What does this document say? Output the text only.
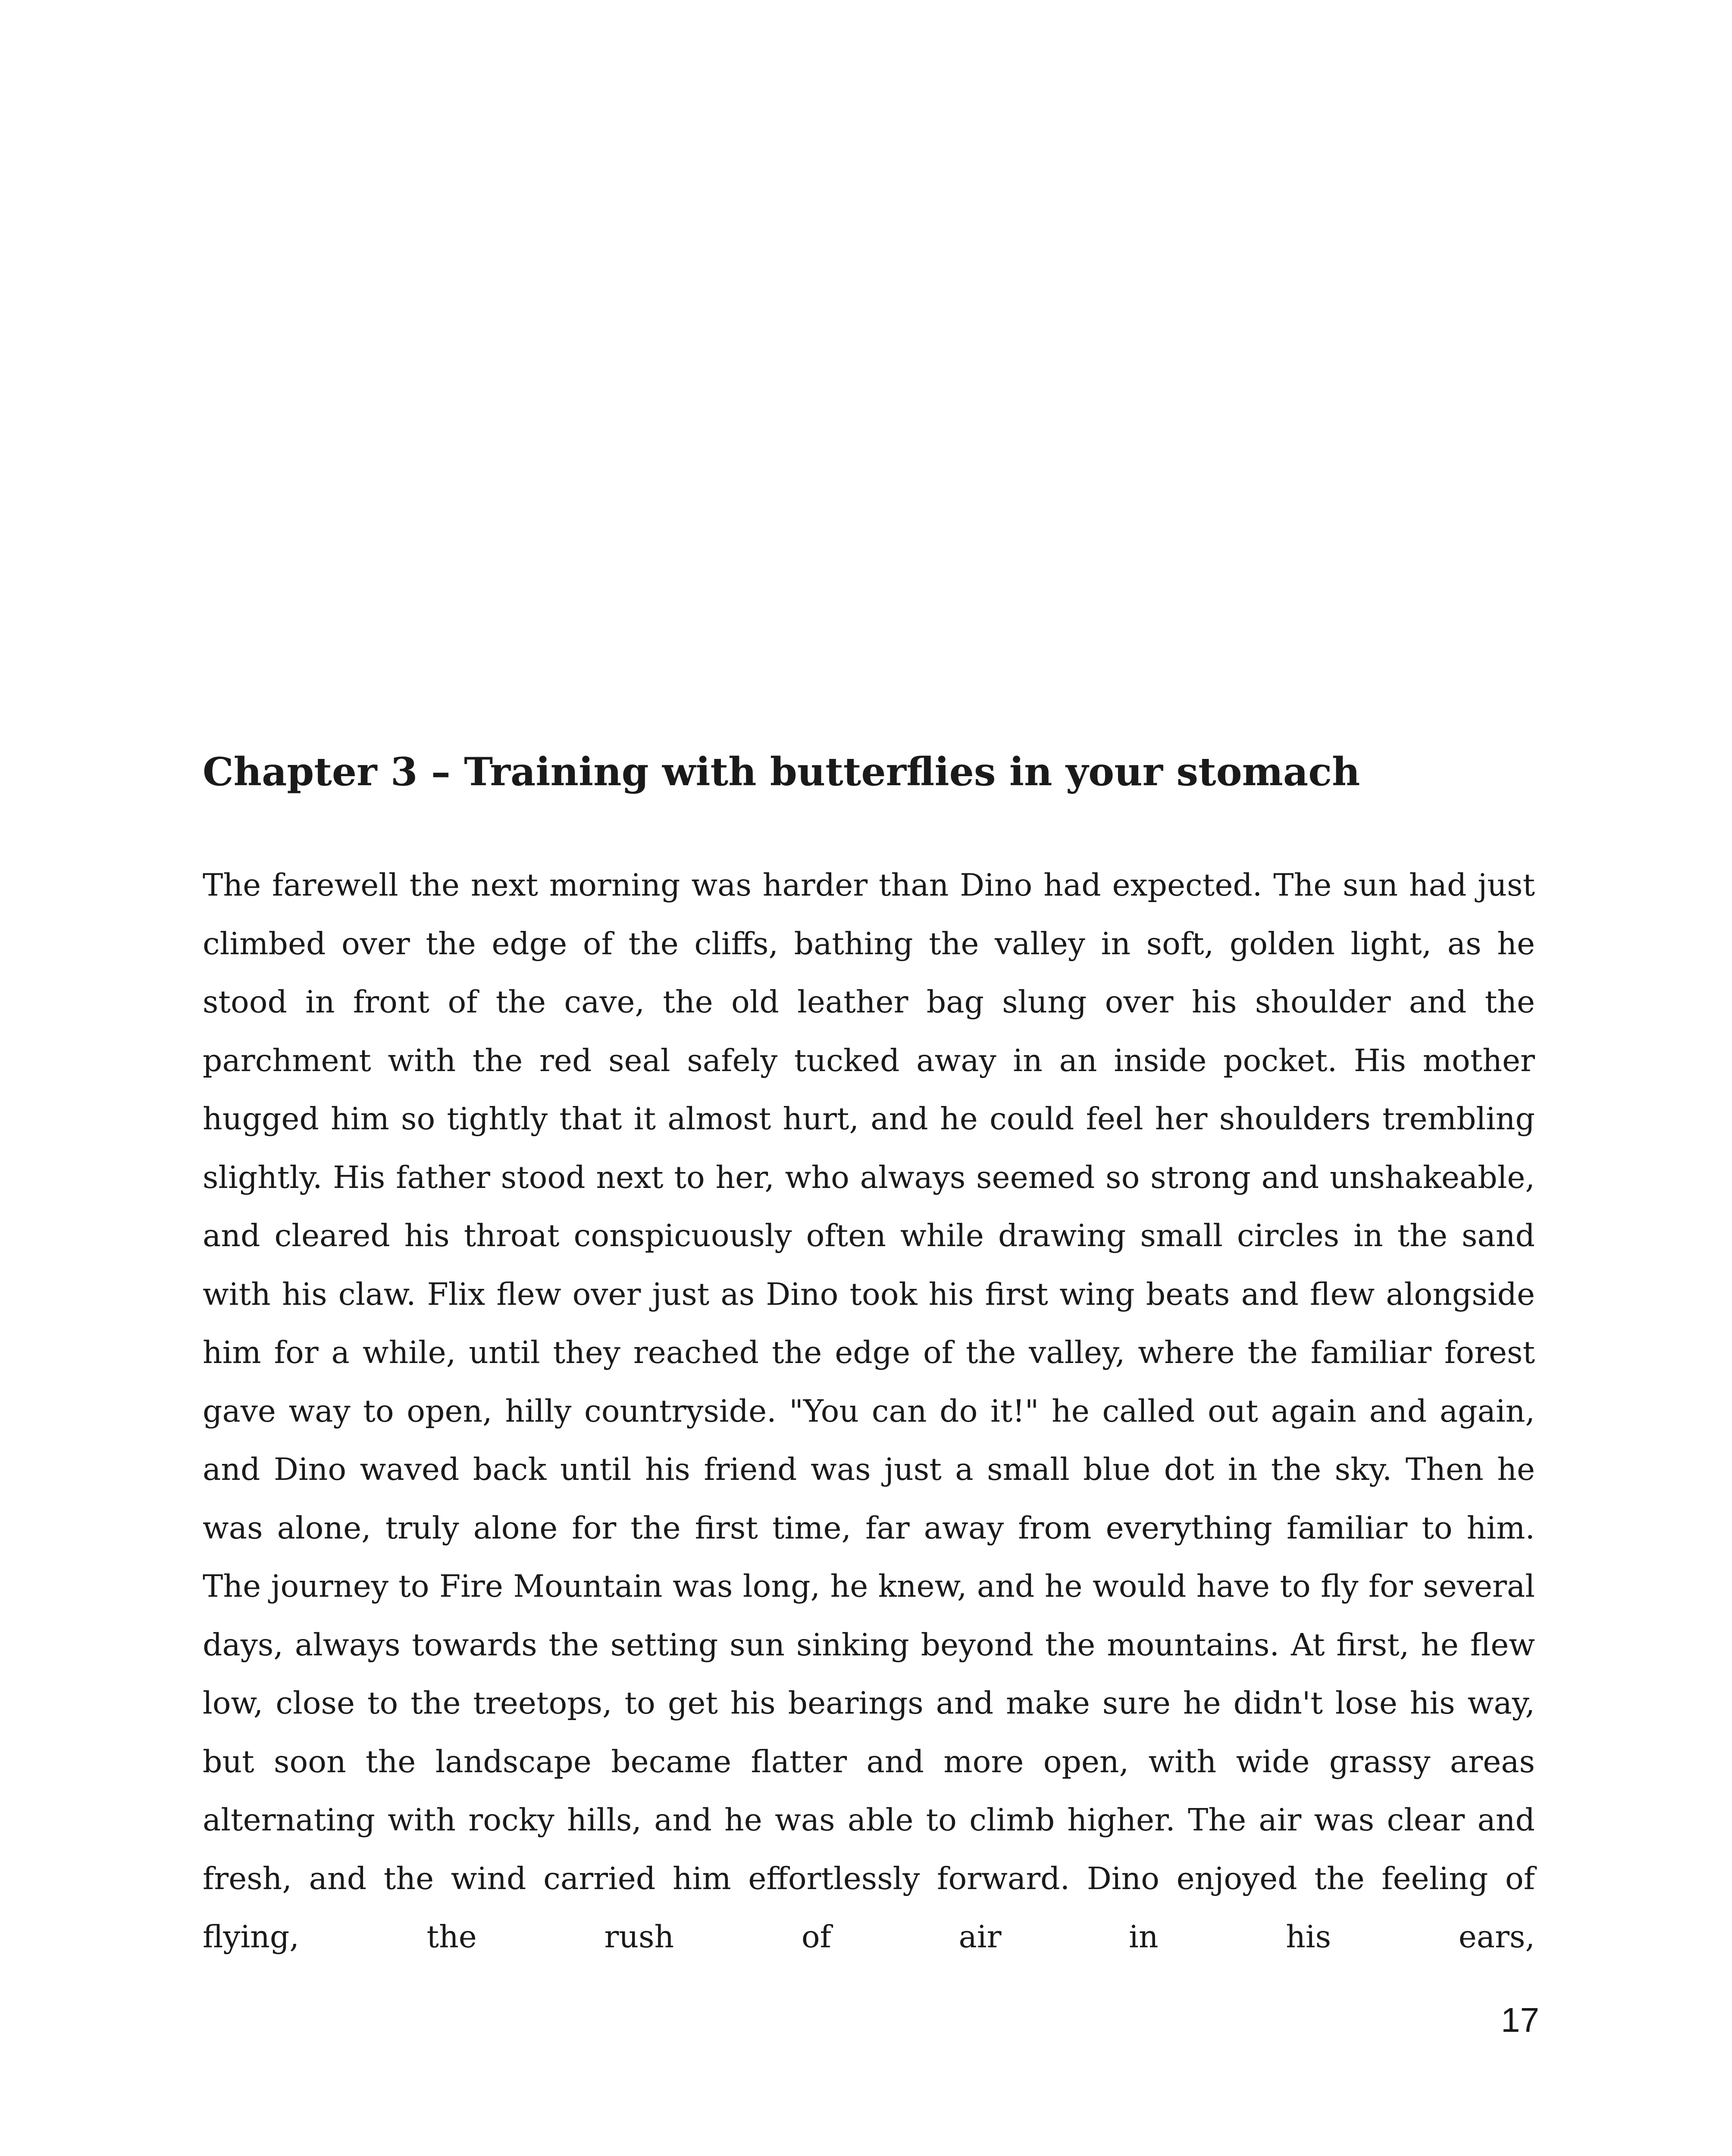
Chapter 3 – Training with butterflies in your stomach

The farewell the next morning was harder than Dino had expected. The sun had just climbed over the edge of the cliffs, bathing the valley in soft, golden light, as he stood in front of the cave, the old leather bag slung over his shoulder and the parchment with the red seal safely tucked away in an inside pocket. His mother hugged him so tightly that it almost hurt, and he could feel her shoulders trembling slightly. His father stood next to her, who always seemed so strong and unshakeable, and cleared his throat conspicuously often while drawing small circles in the sand with his claw. Flix flew over just as Dino took his first wing beats and flew alongside him for a while, until they reached the edge of the valley, where the familiar forest gave way to open, hilly countryside. "You can do it!" he called out again and again, and Dino waved back until his friend was just a small blue dot in the sky. Then he was alone, truly alone for the first time, far away from everything familiar to him. The journey to Fire Mountain was long, he knew, and he would have to fly for several days, always towards the setting sun sinking beyond the mountains. At first, he flew low, close to the treetops, to get his bearings and make sure he didn't lose his way, but soon the landscape became flatter and more open, with wide grassy areas alternating with rocky hills, and he was able to climb higher. The air was clear and fresh, and the wind carried him effortlessly forward. Dino enjoyed the feeling of flying, the rush of air in his ears,

17
